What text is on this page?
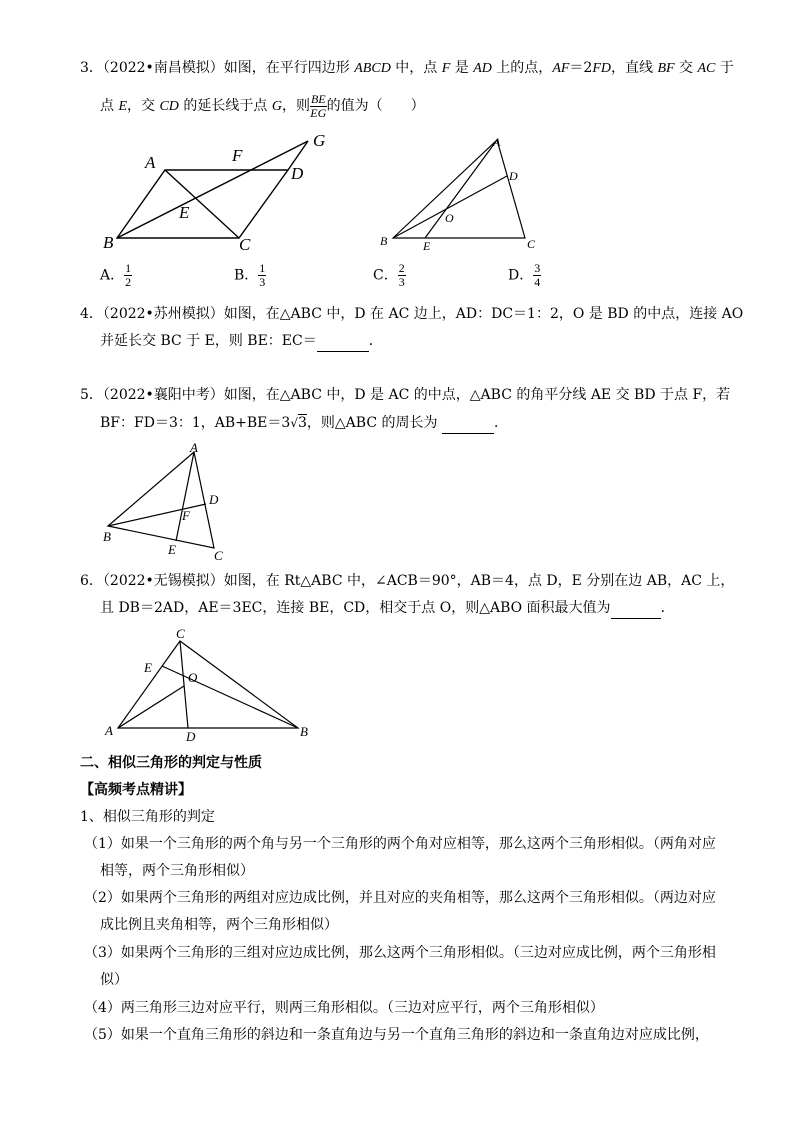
3．（2022•南昌模拟）如图，在平行四边形 ABCD 中，点 F 是 AD 上的点，AF＝2FD，直线 BF 交 AC 于
点 E，交 CD 的延长线于点 G，则 $\frac{BE}{EG}$ 的值为（　　）
A	F
D
G
E
B	C
A
D
O
B	E	C
A． $\frac{1}{2}$	B． $\frac{1}{3}$	C． $\frac{2}{3}$	D． $\frac{3}{4}$
4．（2022•苏州模拟）如图，在△ABC 中，D 在 AC 边上，AD：DC＝1：2，O 是 BD 的中点，连接 AO
并延长交 BC 于 E，则 BE：EC＝	．
5．（2022•襄阳中考）如图，在△ABC 中，D 是 AC 的中点，△ABC 的角平分线 AE 交 BD 于点 F，若
BF：FD＝3：1，AB+BE＝3√3，则△ABC 的周长为	．
A
D
F
B
E	C
6．（2022•无锡模拟）如图，在 Rt△ABC 中，∠ACB＝90°，AB＝4，点 D，E 分别在边 AB，AC 上，
且 DB＝2AD，AE＝3EC，连接 BE，CD，相交于点 O，则△ABO 面积最大值为	．
C
E
O
A	D	B
二、相似三角形的判定与性质
【高频考点精讲】
1、相似三角形的判定
（1）如果一个三角形的两个角与另一个三角形的两个角对应相等，那么这两个三角形相似。（两角对应
相等，两个三角形相似）
（2）如果两个三角形的两组对应边成比例，并且对应的夹角相等，那么这两个三角形相似。（两边对应
成比例且夹角相等，两个三角形相似）
（3）如果两个三角形的三组对应边成比例，那么这两个三角形相似。（三边对应成比例，两个三角形相
似）
（4）两三角形三边对应平行，则两三角形相似。（三边对应平行，两个三角形相似）
（5）如果一个直角三角形的斜边和一条直角边与另一个直角三角形的斜边和一条直角边对应成比例，
